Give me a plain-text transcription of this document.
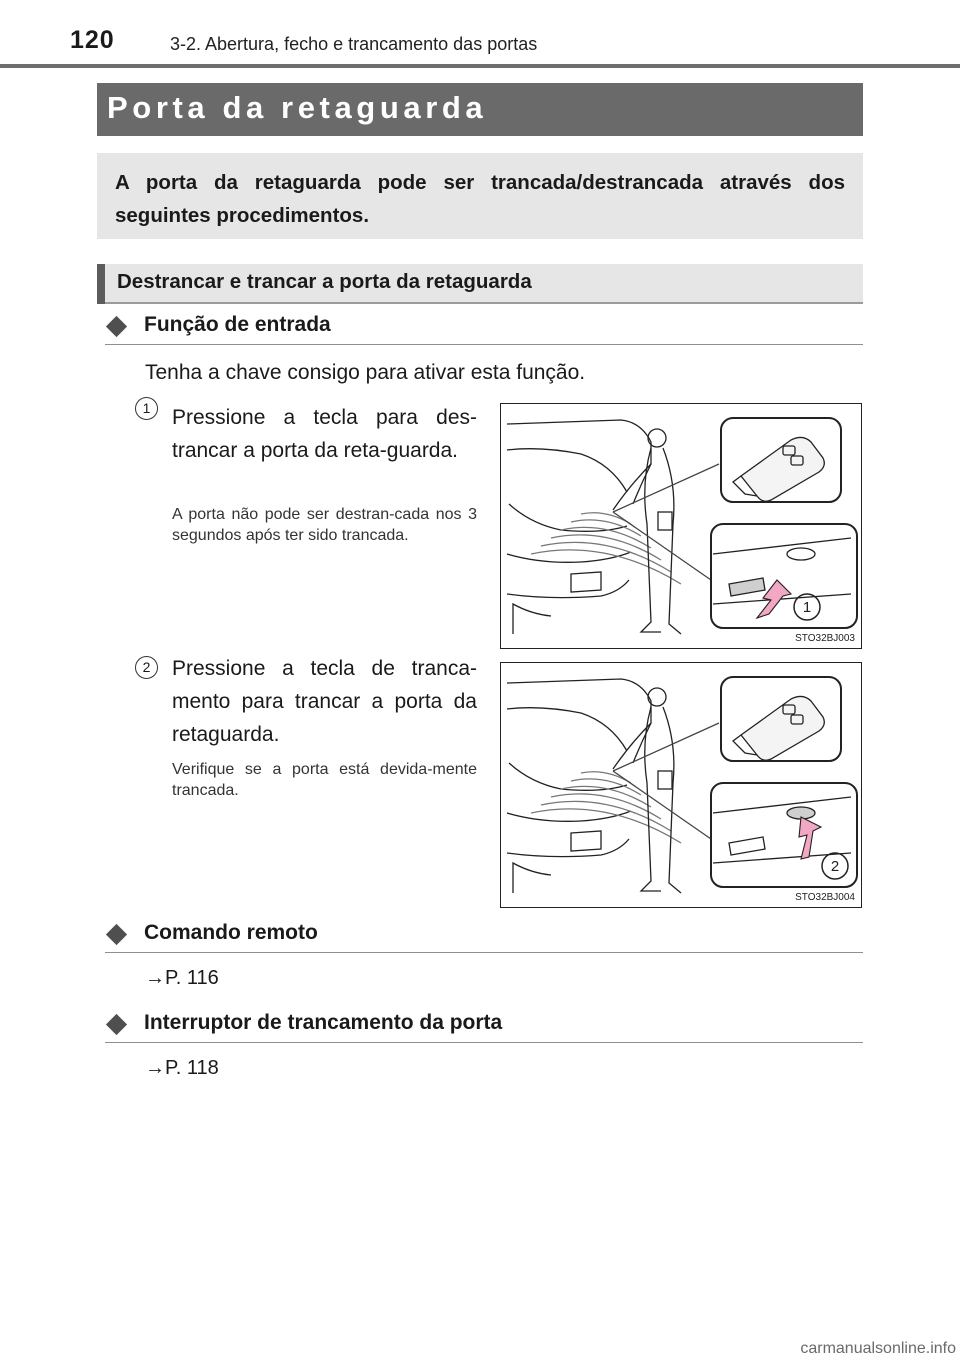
120	3-2. Abertura, fecho e trancamento das portas
Porta da retaguarda
A porta da retaguarda pode ser trancada/destrancada através dos seguintes procedimentos.
Destrancar e trancar a porta da retaguarda
Função de entrada
Tenha a chave consigo para ativar esta função.
1	Pressione a tecla para des-trancar a porta da reta-guarda.
A porta não pode ser destran-cada nos 3 segundos após ter sido trancada.
1
STO32BJ003
2	Pressione a tecla de tranca-mento para trancar a porta da retaguarda.
Verifique se a porta está devida-mente trancada.
2
STO32BJ004
Comando remoto
→P. 116
Interruptor de trancamento da porta
→P. 118
carmanualsonline.info
